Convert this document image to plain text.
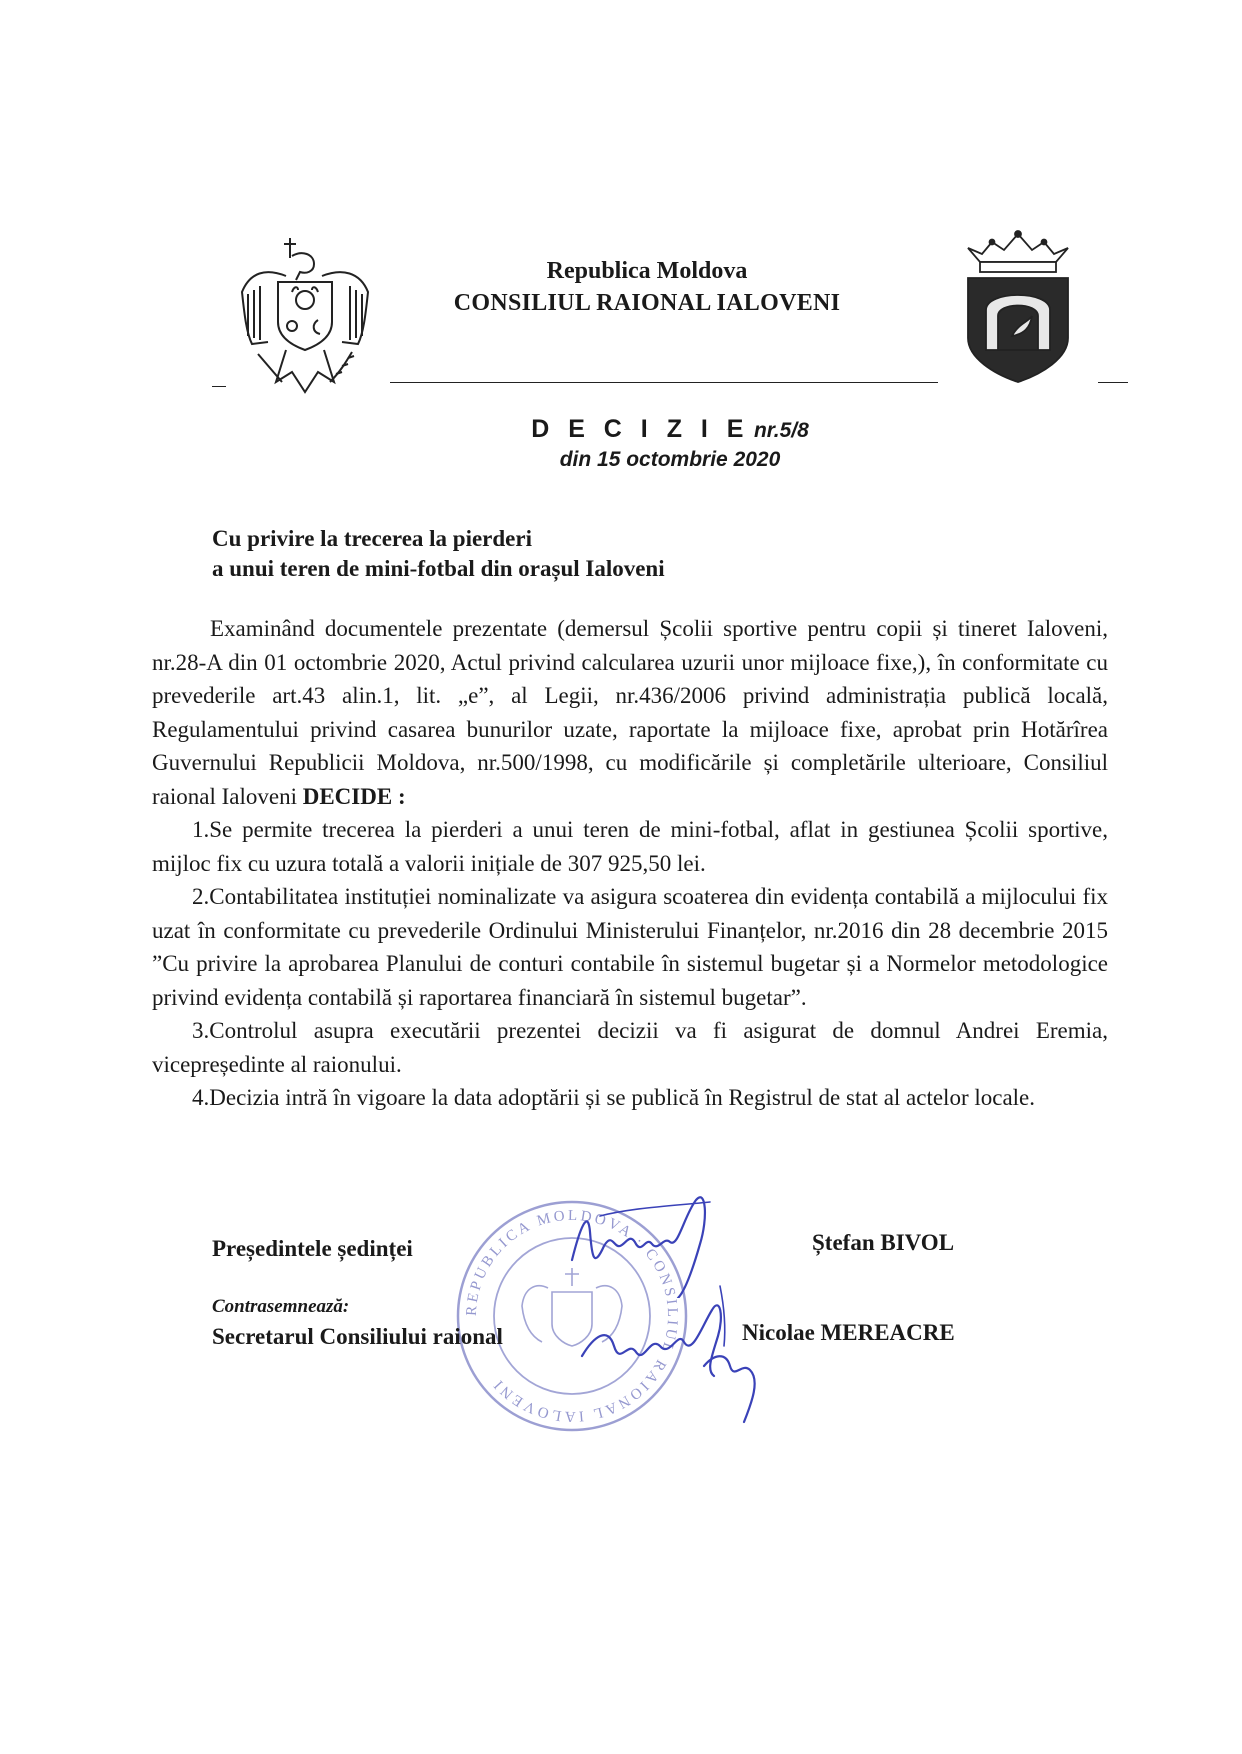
Republica Moldova
CONSILIUL RAIONAL IALOVENI
D E C I Z I E nr.5/8
din 15 octombrie 2020
Cu privire la trecerea la pierderi
a unui teren de mini-fotbal din orașul Ialoveni

Examinând documentele prezentate (demersul Școlii sportive pentru copii și tineret Ialoveni, nr.28-A din 01 octombrie 2020, Actul privind calcularea uzurii unor mijloace fixe,), în conformitate cu prevederile art.43 alin.1, lit. „e”, al Legii, nr.436/2006 privind administrația publică locală, Regulamentului privind casarea bunurilor uzate, raportate la mijloace fixe, aprobat prin Hotărîrea Guvernului Republicii Moldova, nr.500/1998, cu modificările și completările ulterioare, Consiliul raional Ialoveni DECIDE :

1.Se permite trecerea la pierderi a unui teren de mini-fotbal, aflat in gestiunea Școlii sportive, mijloc fix cu uzura totală a valorii inițiale de 307 925,50 lei.

2.Contabilitatea instituției nominalizate va asigura scoaterea din evidența contabilă a mijlocului fix uzat în conformitate cu prevederile Ordinului Ministerului Finanțelor, nr.2016 din 28 decembrie 2015 ”Cu privire la aprobarea Planului de conturi contabile în sistemul bugetar și a Normelor metodologice privind evidența contabilă și raportarea financiară în sistemul bugetar”.

3.Controlul asupra executării prezentei decizii va fi asigurat de domnul Andrei Eremia, vicepreședinte al raionului.

4.Decizia intră în vigoare la data adoptării și se publică în Registrul de stat al actelor locale.

REPUBLICA MOLDOVA · CONSILIUL RAIONAL IALOVENI
Președintele ședinței	Ștefan BIVOL
Contrasemnează:
Secretarul Consiliului raional	Nicolae MEREACRE
